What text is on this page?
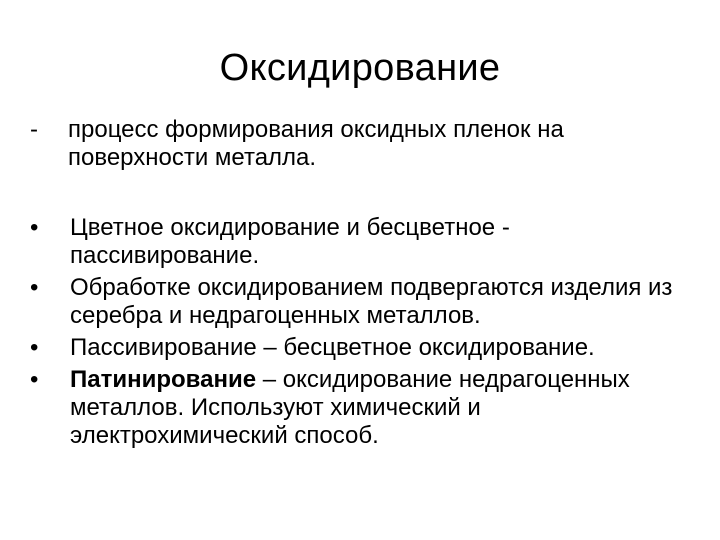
Оксидирование
- процесс формирования оксидных пленок на поверхности металла.
•	Цветное оксидирование и бесцветное - пассивирование.
•	Обработке оксидированием подвергаются изделия из серебра и недрагоценных металлов.
•	Пассивирование – бесцветное оксидирование.
•	Патинирование – оксидирование недрагоценных металлов. Используют химический и электрохимический способ.
